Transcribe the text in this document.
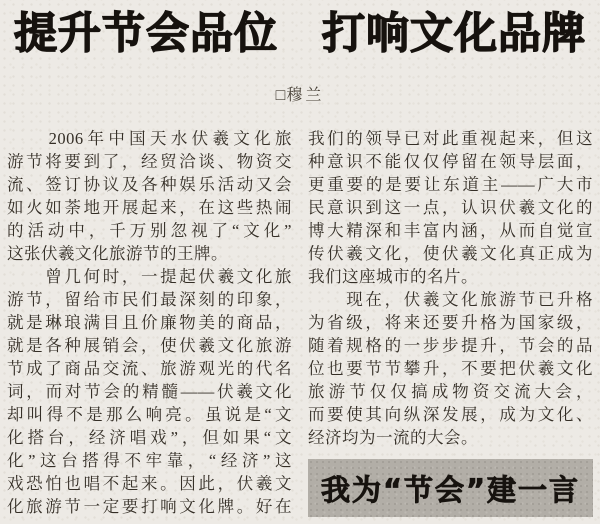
提升节会品位　打响文化品牌
□穆兰
　　2006年中国天水伏羲文化旅
游节将要到了，经贸洽谈、物资交
流、签订协议及各种娱乐活动又会
如火如荼地开展起来，在这些热闹
的活动中，千万别忽视了“文化”
这张伏羲文化旅游节的王牌。
　　曾几何时，一提起伏羲文化旅
游节，留给市民们最深刻的印象，
就是琳琅满目且价廉物美的商品，
就是各种展销会，使伏羲文化旅游
节成了商品交流、旅游观光的代名
词，而对节会的精髓——伏羲文化
却叫得不是那么响亮。虽说是“文
化搭台，经济唱戏”，但如果“文
化”这台搭得不牢靠，“经济”这
戏恐怕也唱不起来。因此，伏羲文
化旅游节一定要打响文化牌。好在
我们的领导已对此重视起来，但这
种意识不能仅仅停留在领导层面，
更重要的是要让东道主——广大市
民意识到这一点，认识伏羲文化的
博大精深和丰富内涵，从而自觉宣
传伏羲文化，使伏羲文化真正成为
我们这座城市的名片。
　　现在，伏羲文化旅游节已升格
为省级，将来还要升格为国家级，
随着规格的一步步提升，节会的品
位也要节节攀升，不要把伏羲文化
旅游节仅仅搞成物资交流大会，
而要使其向纵深发展，成为文化、
经济均为一流的大会。
我为“节会”建一言
